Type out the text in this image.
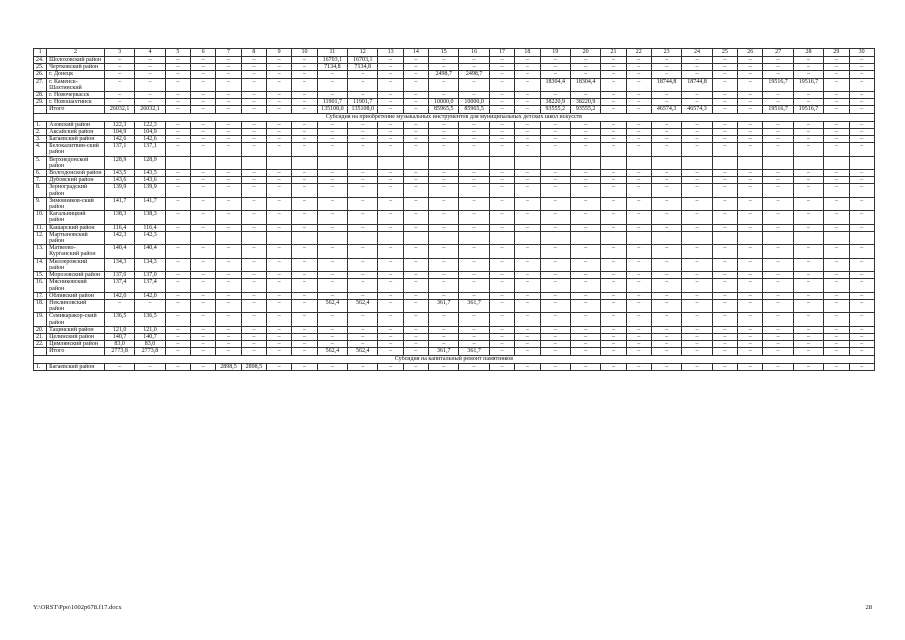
1	2	3	4	5	6	7	8	9	10	11	12	13	14	15	16	17	18	19	20	21	22	23	24	25	26	27	28	29	30
24.	Шолоховский район	–	–	–	–	–	–	–	–	16703,1	16703,1	–	–	–	–	–	–	–	–	–	–	–	–	–	–	–	–	–	–
25.	Чертковский район	–	–	–	–	–	–	–	–	7134,8	7134,8	–	–	–	–	–	–	–	–	–	–	–	–	–	–	–	–	–	–
26.	г. Донецк	–	–	–	–	–	–	–	–	–	–	–	–	2498,7	2498,7	–	–	–	–	–	–	–	–	–	–	–	–	–	–
27.	г. Каменск-Шахтинский	–	–	–	–	–	–	–	–	–	–	–	–	–	–	–	–	18304,4	18304,4	–	–	18744,8	18744,8	–	–	19516,7	19516,7	–	–
28.	г. Новочеркасск	–	–	–	–	–	–	–	–	–	–	–	–	–	–	–	–	–	–	–	–	–	–	–	–	–	–	–	–
29.	г. Новошахтинск	–	–	–	–	–	–	–	–	11901,7	11901,7	–	–	10000,0	10000,0	–	–	38220,9	38220,9	–	–	–	–	–	–	–	–	–	–
	Итого	26032,1	26032,1	–	–	–	–	–	–	135108,0	135108,0	–	–	85965,5	85965,5	–	–	93555,2	93555,2	–	–	46574,3	46574,3	–	–	19516,7	19516,7	–	–
Субсидия на приобретение музыкальных инструментов для муниципальных детских школ искусств																													
1.	Азовский район	122,3	122,3	–	–	–	–	–	–	–	–	–	–	–	–	–	–	–	–	–	–	–	–	–	–	–	–	–	–
2.	Аксайский район	104,9	104,9	–	–	–	–	–	–	–	–	–	–	–	–	–	–	–	–	–	–	–	–	–	–	–	–	–	–
3.	Багаевский район	142,6	142,6	–	–	–	–	–	–	–	–	–	–	–	–	–	–	–	–	–	–	–	–	–	–	–	–	–	–
4.	Белокалитвин-ский район	137,1	137,1	–	–	–	–	–	–	–	–	–	–	–	–	–	–	–	–	–	–	–	–	–	–	–	–	–	–
5.	Верхнедонской район	128,9	128,9																										
6.	Волгодонской район	143,5	143,5	–	–	–	–	–	–	–	–	–	–	–	–	–	–	–	–	–	–	–	–	–	–	–	–	–	–
7.	Дубовский район	143,6	143,6	–	–	–	–	–	–	–	–	–	–	–	–	–	–	–	–	–	–	–	–	–	–	–	–	–	–
8.	Зерноградский район	139,9	139,9	–	–	–	–	–	–	–	–	–	–	–	–	–	–	–	–	–	–	–	–	–	–	–	–	–	–
9.	Зимовников-ский район	141,7	141,7	–	–	–	–	–	–	–	–	–	–	–	–	–	–	–	–	–	–	–	–	–	–	–	–	–	–
10.	Кагальницкий район	138,3	138,3	–	–	–	–	–	–	–	–	–	–	–	–	–	–	–	–	–	–	–	–	–	–	–	–	–	–
11.	Кашарский район	116,4	116,4	–	–	–	–	–	–	–	–	–	–	–	–	–	–	–	–	–	–	–	–	–	–	–	–	–	–
12.	Мартыновский район	142,3	142,3																										
13.	Матвеево-Курганский район	140,4	140,4	–	–	–	–	–	–	–	–	–	–	–	–	–	–	–	–	–	–	–	–	–	–	–	–	–	–
14.	Миллеровский район	134,3	134,3	–	–	–	–	–	–	–	–	–	–	–	–	–	–	–	–	–	–	–	–	–	–	–	–	–	–
15.	Морозовский район	137,0	137,0	–	–	–	–	–	–	–	–	–	–	–	–	–	–	–	–	–	–	–	–	–	–	–	–	–	–
16.	Мясниковский район	137,4	137,4	–	–	–	–	–	–	–	–	–	–	–	–	–	–	–	–	–	–	–	–	–	–	–	–	–	–
17.	Обливский район	142,0	142,0	–	–	–	–	–	–	–	–	–	–	–	–	–	–	–	–	–	–	–	–	–	–	–	–	–	–
18.	Неклиновский район	–	–	–	–	–	–	–	–	562,4	562,4	–	–	361,7	361,7	–	–	–	–	–	–	–	–	–	–	–	–	–	–
19.	Семикаракор-ский район	136,5	136,5	–	–	–	–	–	–	–	–	–	–	–	–	–	–	–	–	–	–	–	–	–	–	–	–	–	–
20.	Тацинский район	121,0	121,0	–	–	–	–	–	–	–	–	–	–	–	–	–	–	–	–	–	–	–	–	–	–	–	–	–	–
21.	Целинский район	140,7	140,7	–	–	–	–	–	–	–	–	–	–	–	–	–	–	–	–	–	–	–	–	–	–	–	–	–	–
22.	Цимлянский район	83,0	83,0	–	–	–	–	–	–	–	–	–	–	–	–	–	–	–	–	–	–	–	–	–	–	–	–	–	–
	Итого	2773,8	2773,8	–	–	–	–	–	–	562,4	562,4	–	–	361,7	361,7	–	–	–	–	–	–	–	–	–	–	–	–	–	–
Субсидия на капитальный ремонт памятников																													
1.	Багаевский район	–	–	–	–	2898,5	2898,5	–	–	–	–	–	–	–	–	–	–	–	–	–	–	–	–	–	–	–	–	–	–
Y:\ORST\Ppo\1002p678.f17.docx	28
